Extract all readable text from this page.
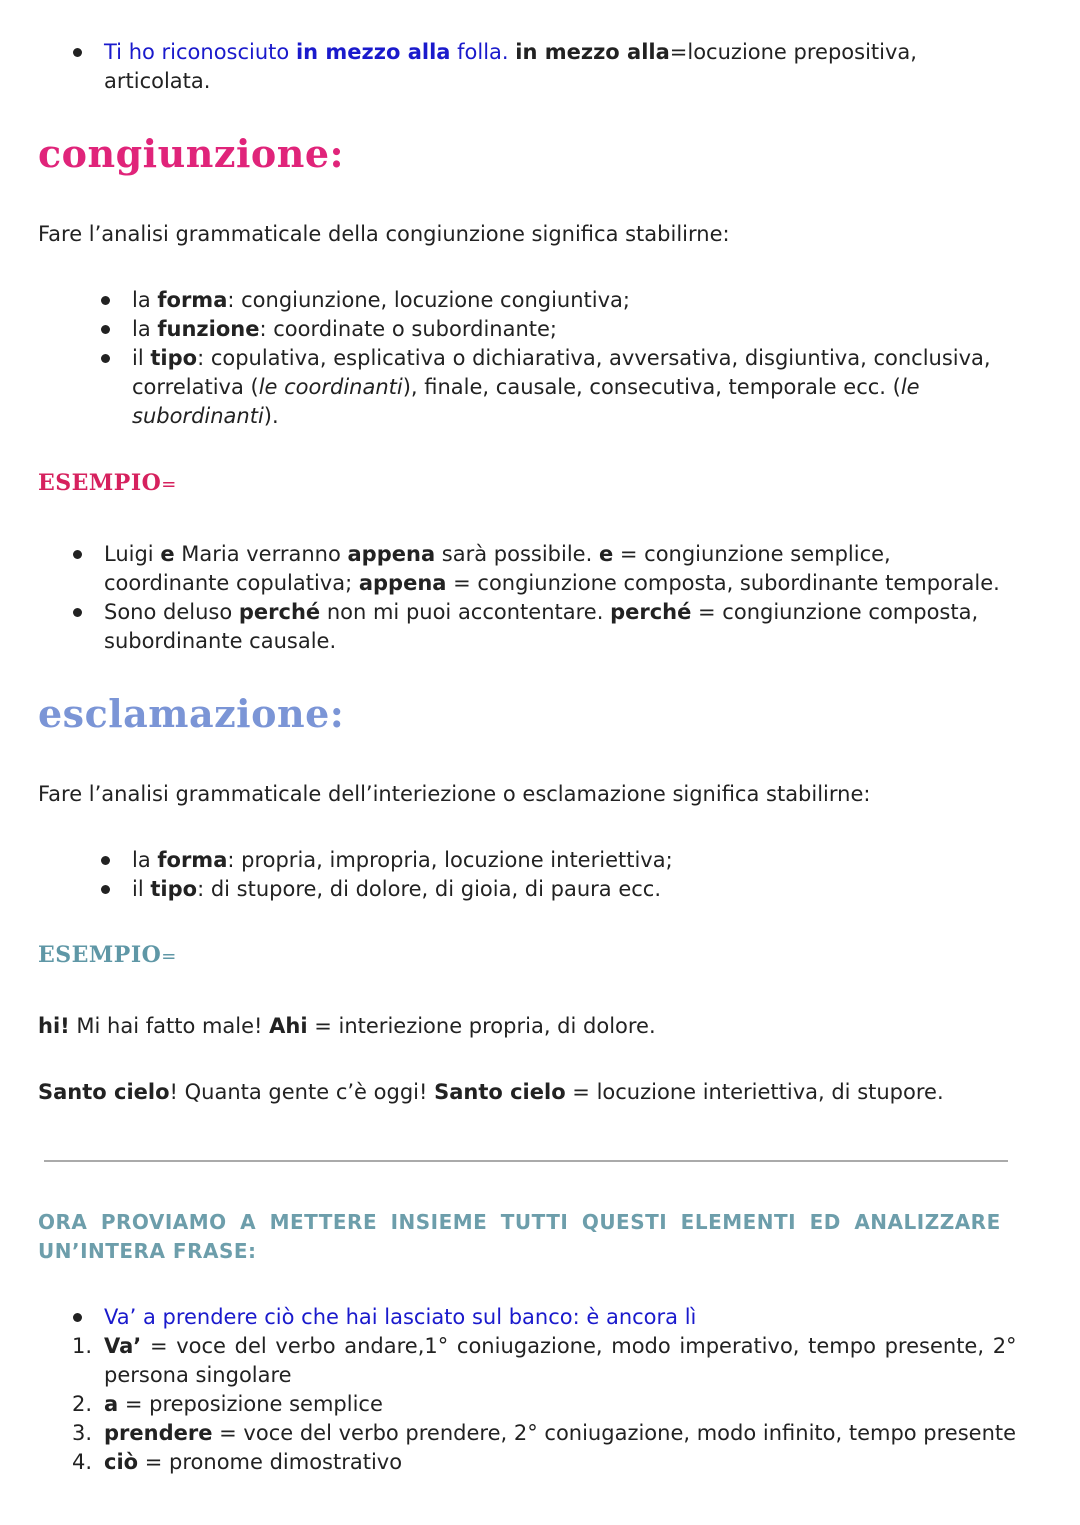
Ti ho riconosciuto in mezzo alla folla. in mezzo alla=locuzione prepositiva,
articolata.
congiunzione:
Fare l’analisi grammaticale della congiunzione significa stabilirne:
la forma: congiunzione, locuzione congiuntiva;
la funzione: coordinate o subordinante;
il tipo: copulativa, esplicativa o dichiarativa, avversativa, disgiuntiva, conclusiva,
correlativa (le coordinanti), finale, causale, consecutiva, temporale ecc. (le
subordinanti).
ESEMPIO=
Luigi e Maria verranno appena sarà possibile. e = congiunzione semplice,
coordinante copulativa; appena = congiunzione composta, subordinante temporale.
Sono deluso perché non mi puoi accontentare. perché = congiunzione composta,
subordinante causale.
esclamazione:
Fare l’analisi grammaticale dell’interiezione o esclamazione significa stabilirne:
la forma: propria, impropria, locuzione interiettiva;
il tipo: di stupore, di dolore, di gioia, di paura ecc.
ESEMPIO=
hi! Mi hai fatto male! Ahi = interiezione propria, di dolore.
Santo cielo! Quanta gente c’è oggi! Santo cielo = locuzione interiettiva, di stupore.
ORA PROVIAMO A METTERE INSIEME TUTTI QUESTI ELEMENTI ED ANALIZZARE
UN’INTERA FRASE:
Va’ a prendere ciò che hai lasciato sul banco: è ancora lì
1. Va’ = voce del verbo andare,1° coniugazione, modo imperativo, tempo presente, 2°
persona singolare
2. a = preposizione semplice
3. prendere = voce del verbo prendere, 2° coniugazione, modo infinito, tempo presente
4. ciò = pronome dimostrativo
